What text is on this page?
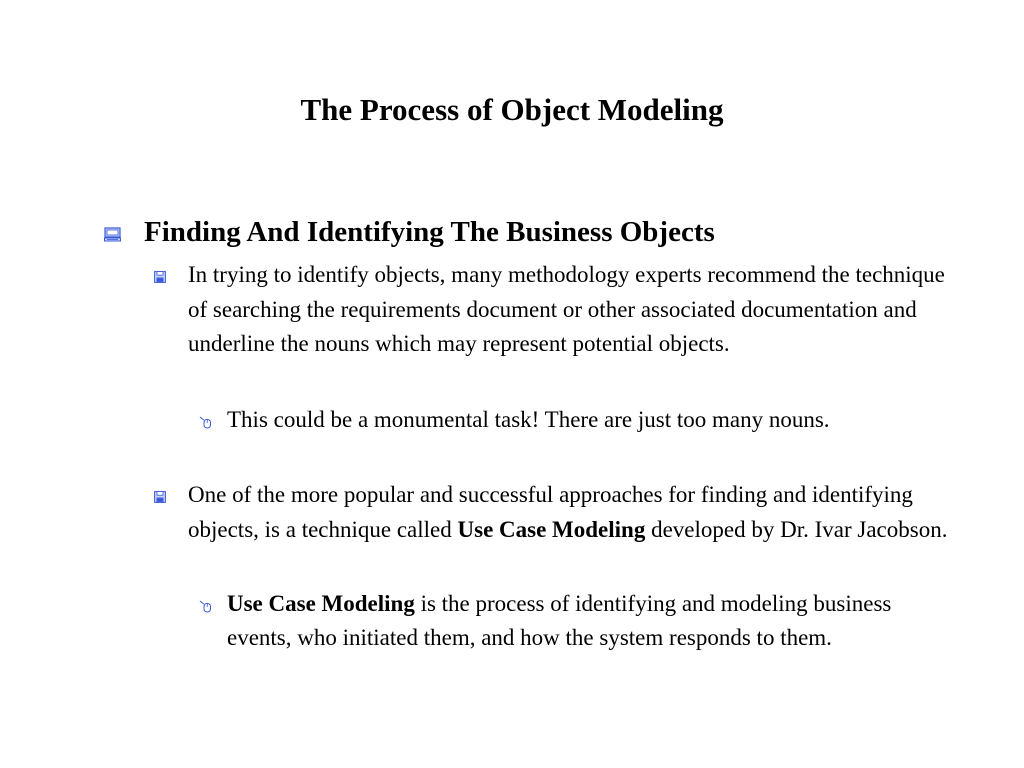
The Process of Object Modeling
Finding And Identifying The Business Objects
In trying to identify objects, many methodology experts recommend the technique of searching the requirements document or other associated documentation and underline the nouns which may represent potential objects.
This could be a monumental task! There are just too many nouns.
One of the more popular and successful approaches for finding and identifying objects, is a technique called Use Case Modeling developed by Dr. Ivar Jacobson.
Use Case Modeling is the process of identifying and modeling business events, who initiated them, and how the system responds to them.
